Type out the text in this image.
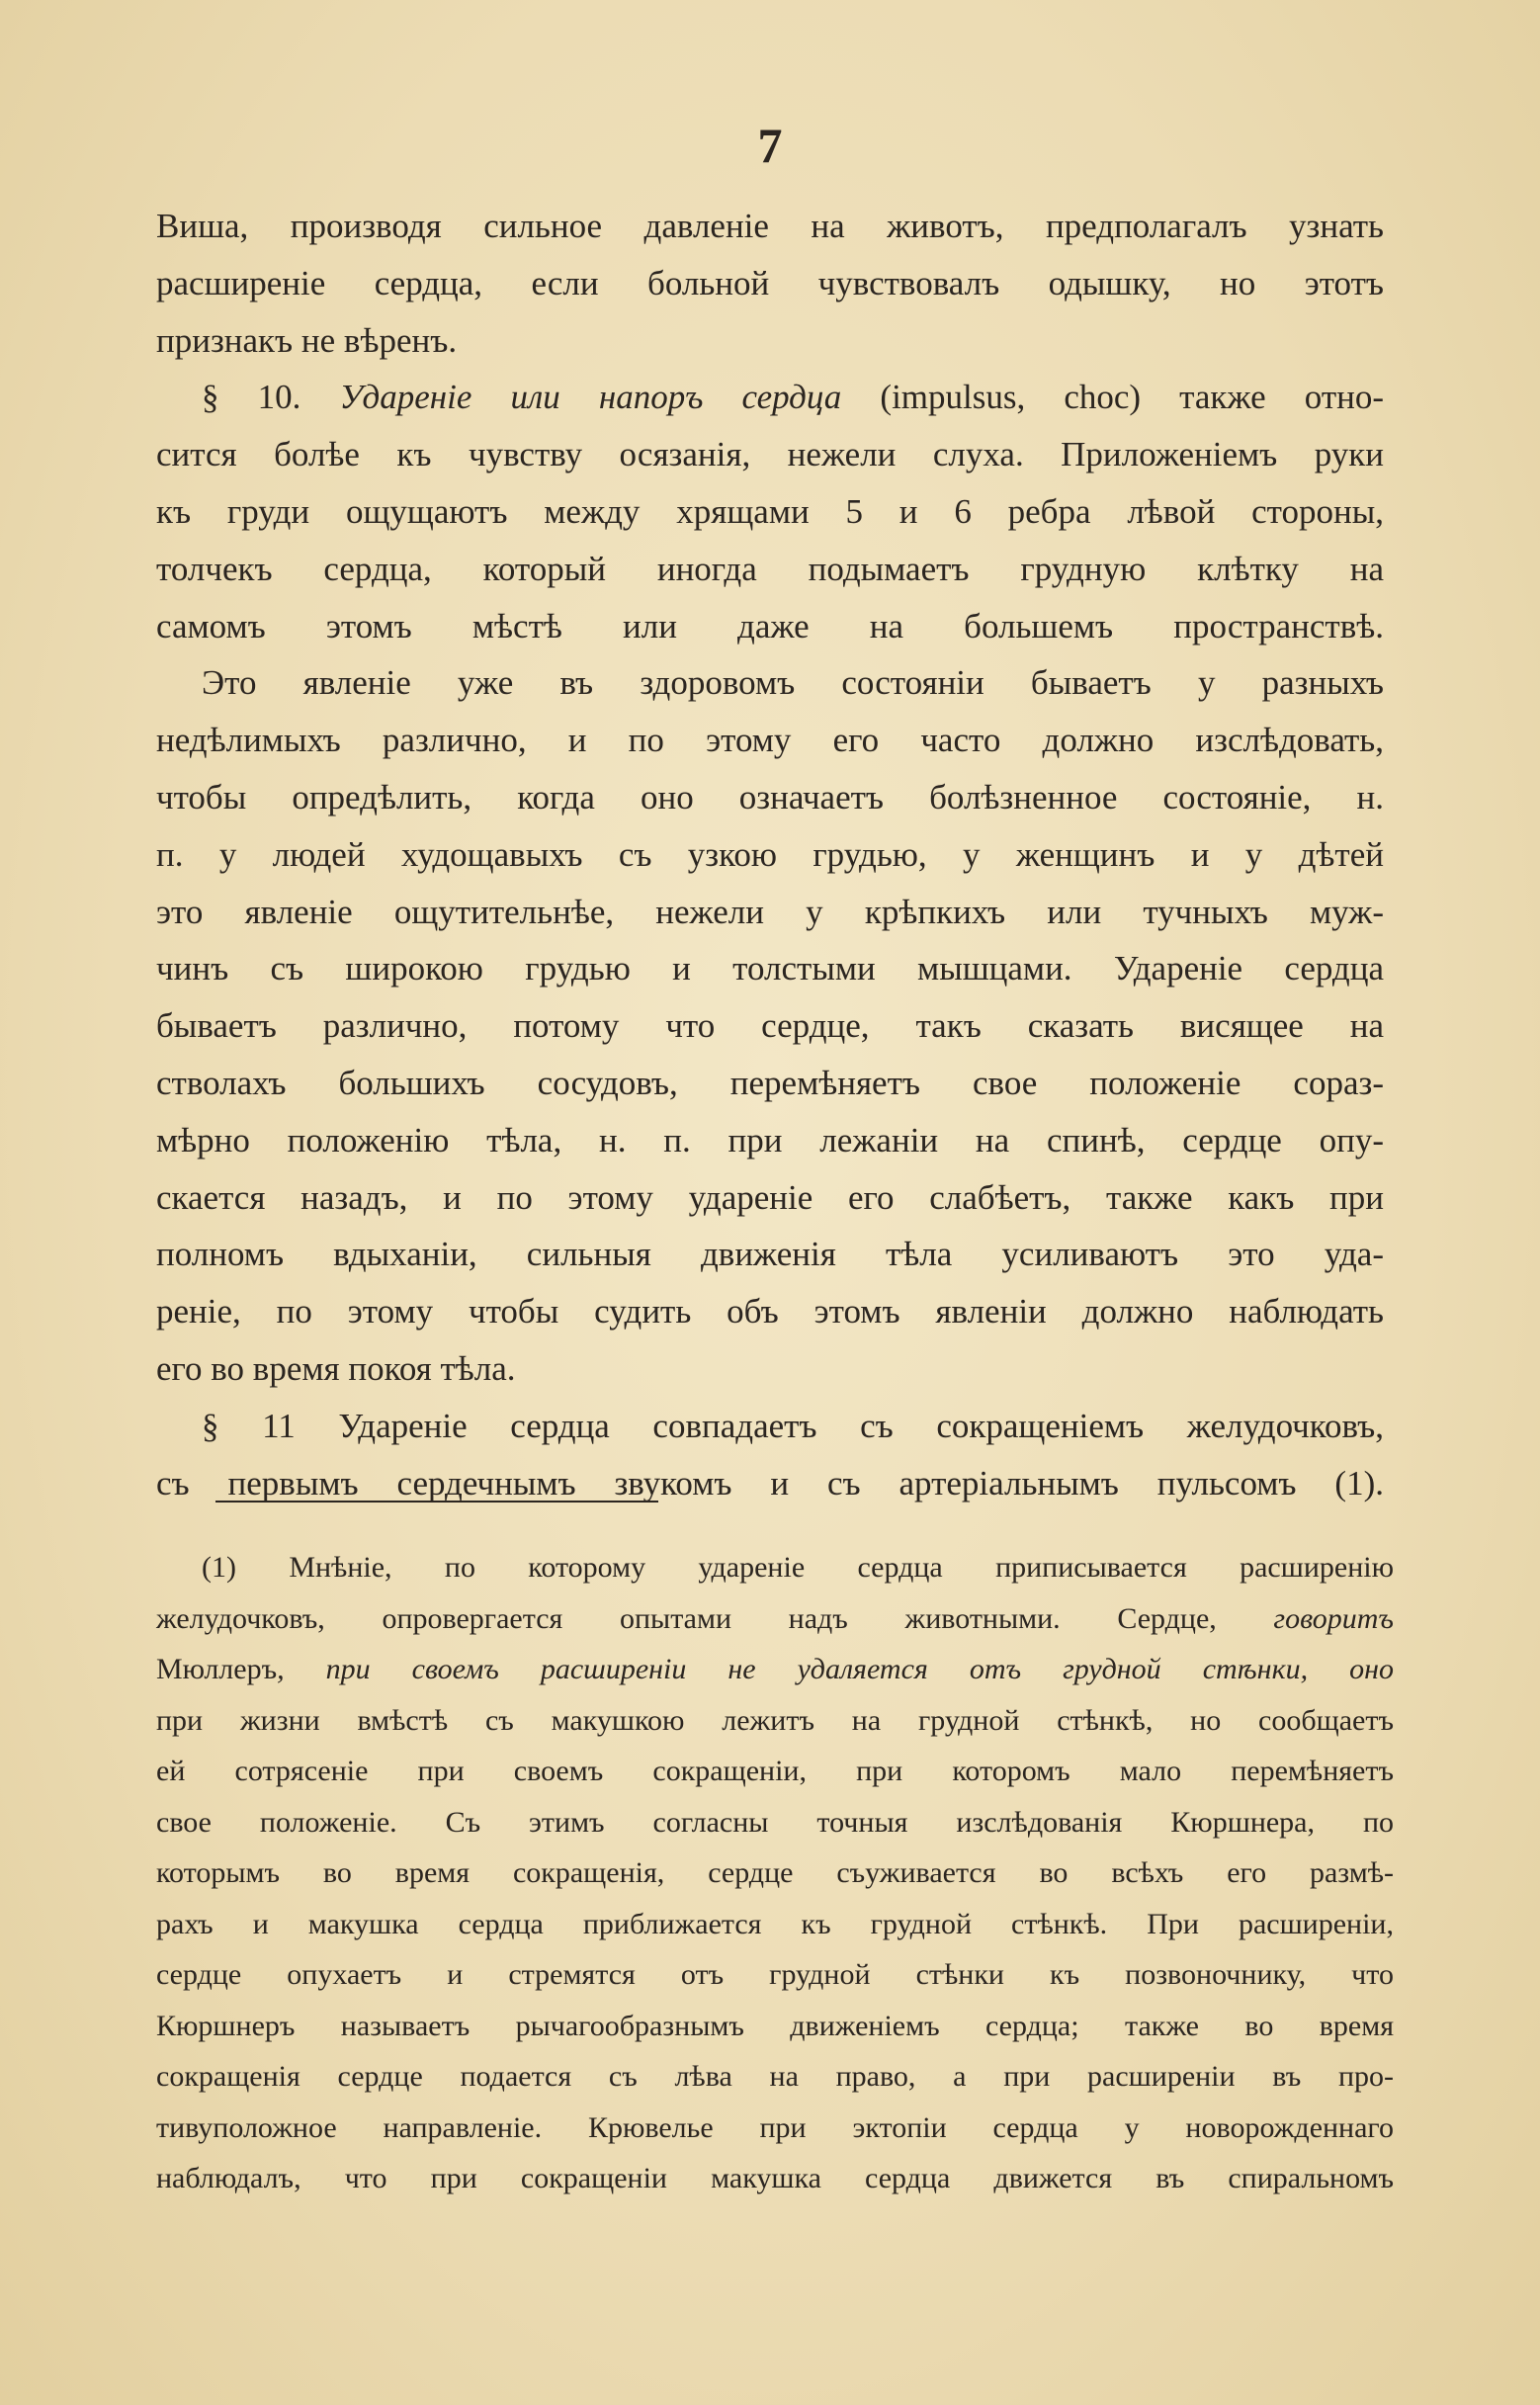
7
Виша, производя сильное давленіе на животъ, предполагалъ узнать
расширеніе сердца, если больной чувствовалъ одышку, но этотъ
признакъ не вѣренъ.
§ 10. Удареніе или напоръ сердца (impulsus, choc) также отно-
сится болѣе къ чувству осязанія, нежели слуха. Приложеніемъ руки
къ груди ощущаютъ между хрящами 5 и 6 ребра лѣвой стороны,
толчекъ сердца, который иногда подымаетъ грудную клѣтку на
самомъ этомъ мѣстѣ или даже на большемъ пространствѣ.
Это явленіе уже въ здоровомъ состояніи бываетъ у разныхъ
недѣлимыхъ различно, и по этому его часто должно изслѣдовать,
чтобы опредѣлить, когда оно означаетъ болѣзненное состояніе, н.
п. у людей худощавыхъ съ узкою грудью, у женщинъ и у дѣтей
это явленіе ощутительнѣе, нежели у крѣпкихъ или тучныхъ муж-
чинъ съ широкою грудью и толстыми мышцами. Удареніе сердца
бываетъ различно, потому что сердце, такъ сказать висящее на
стволахъ большихъ сосудовъ, перемѣняетъ свое положеніе сораз-
мѣрно положенію тѣла, н. п. при лежаніи на спинѣ, сердце опу-
скается назадъ, и по этому удареніе его слабѣетъ, также какъ при
полномъ вдыханіи, сильныя движенія тѣла усиливаютъ это уда-
реніе, по этому чтобы судить объ этомъ явленіи должно наблюдать
его во время покоя тѣла.
§ 11 Удареніе сердца совпадаетъ съ сокращеніемъ желудочковъ,
съ первымъ сердечнымъ звукомъ и съ артеріальнымъ пульсомъ (1).
(1) Мнѣніе, по которому удареніе сердца приписывается расширенію
желудочковъ, опровергается опытами надъ животными. Сердце, говоритъ
Мюллеръ, при своемъ расширеніи не удаляется отъ грудной стѣнки, оно
при жизни вмѣстѣ съ макушкою лежитъ на грудной стѣнкѣ, но сообщаетъ
ей сотрясеніе при своемъ сокращеніи, при которомъ мало перемѣняетъ
свое положеніе. Съ этимъ согласны точныя изслѣдованія Кюршнера, по
которымъ во время сокращенія, сердце съуживается во всѣхъ его размѣ-
рахъ и макушка сердца приближается къ грудной стѣнкѣ. При расширеніи,
сердце опухаетъ и стремятся отъ грудной стѣнки къ позвоночнику, что
Кюршнеръ называетъ рычагообразнымъ движеніемъ сердца; также во время
сокращенія сердце подается съ лѣва на право, а при расширеніи въ про-
тивуположное направленіе. Крювелье при эктопіи сердца у новорожденнаго
наблюдалъ, что при сокращеніи макушка сердца движется въ спиральномъ
